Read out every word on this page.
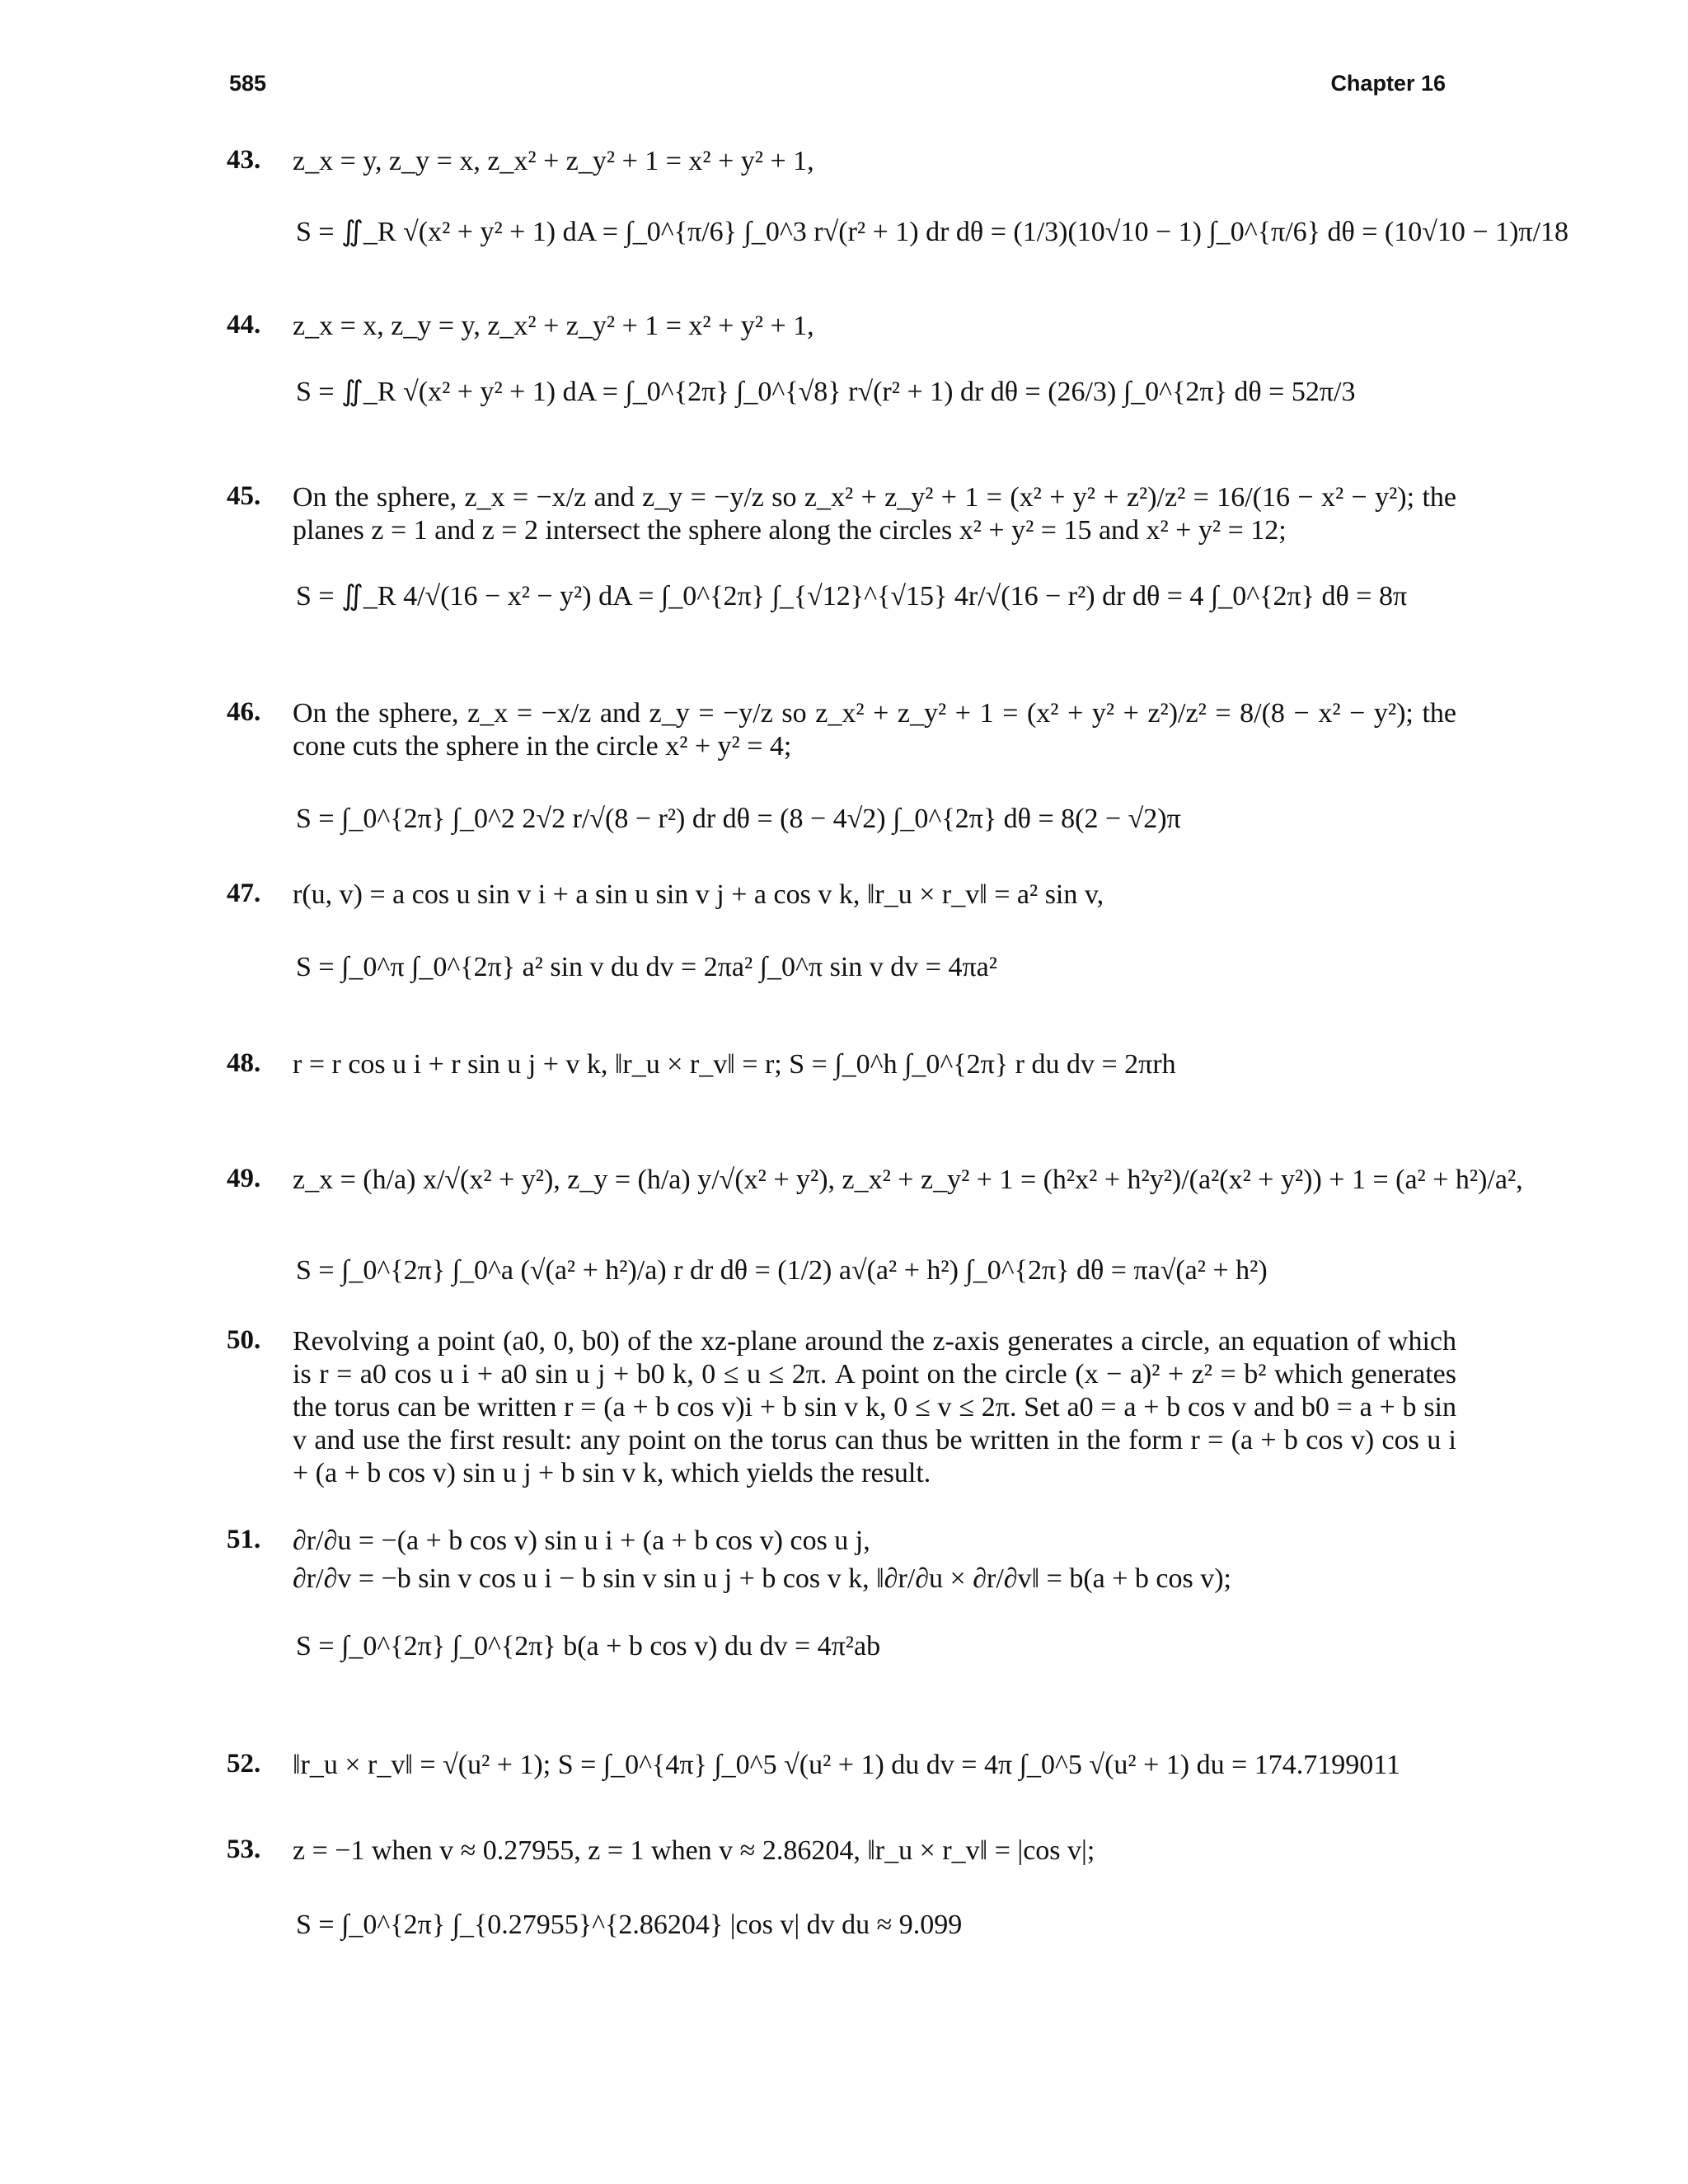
585	Chapter 16
43. z_x = y, z_y = x, z_x² + z_y² + 1 = x² + y² + 1,
S = ∬_R √(x² + y² + 1) dA = ∫_0^{π/6} ∫_0^3 r√(r² + 1) dr dθ = (1/3)(10√10 − 1) ∫_0^{π/6} dθ = (10√10 − 1)π/18
44. z_x = x, z_y = y, z_x² + z_y² + 1 = x² + y² + 1,
S = ∬_R √(x² + y² + 1) dA = ∫_0^{2π} ∫_0^{√8} r√(r² + 1) dr dθ = (26/3) ∫_0^{2π} dθ = 52π/3
45. On the sphere, z_x = −x/z and z_y = −y/z so z_x² + z_y² + 1 = (x² + y² + z²)/z² = 16/(16 − x² − y²); the planes z = 1 and z = 2 intersect the sphere along the circles x² + y² = 15 and x² + y² = 12;
S = ∬_R 4/√(16 − x² − y²) dA = ∫_0^{2π} ∫_{√12}^{√15} 4r/√(16 − r²) dr dθ = 4 ∫_0^{2π} dθ = 8π
46. On the sphere, z_x = −x/z and z_y = −y/z so z_x² + z_y² + 1 = (x² + y² + z²)/z² = 8/(8 − x² − y²); the cone cuts the sphere in the circle x² + y² = 4;
S = ∫_0^{2π} ∫_0^2 2√2 r/√(8 − r²) dr dθ = (8 − 4√2) ∫_0^{2π} dθ = 8(2 − √2)π
47. r(u, v) = a cos u sin v i + a sin u sin v j + a cos v k, ‖r_u × r_v‖ = a² sin v,
S = ∫_0^π ∫_0^{2π} a² sin v du dv = 2πa² ∫_0^π sin v dv = 4πa²
48. r = r cos u i + r sin u j + v k, ‖r_u × r_v‖ = r; S = ∫_0^h ∫_0^{2π} r du dv = 2πrh
49. z_x = (h/a) x/√(x² + y²), z_y = (h/a) y/√(x² + y²), z_x² + z_y² + 1 = (h²x² + h²y²)/(a²(x² + y²)) + 1 = (a² + h²)/a²,
S = ∫_0^{2π} ∫_0^a (√(a² + h²)/a) r dr dθ = (1/2) a√(a² + h²) ∫_0^{2π} dθ = πa√(a² + h²)
50. Revolving a point (a0, 0, b0) of the xz-plane around the z-axis generates a circle, an equation of which is r = a0 cos u i + a0 sin u j + b0 k, 0 ≤ u ≤ 2π. A point on the circle (x − a)² + z² = b² which generates the torus can be written r = (a + b cos v)i + b sin v k, 0 ≤ v ≤ 2π. Set a0 = a + b cos v and b0 = a + b sin v and use the first result: any point on the torus can thus be written in the form r = (a + b cos v) cos u i + (a + b cos v) sin u j + b sin v k, which yields the result.
51. ∂r/∂u = −(a + b cos v) sin u i + (a + b cos v) cos u j,
∂r/∂v = −b sin v cos u i − b sin v sin u j + b cos v k, ‖∂r/∂u × ∂r/∂v‖ = b(a + b cos v);
S = ∫_0^{2π} ∫_0^{2π} b(a + b cos v) du dv = 4π²ab
52. ‖r_u × r_v‖ = √(u² + 1); S = ∫_0^{4π} ∫_0^5 √(u² + 1) du dv = 4π ∫_0^5 √(u² + 1) du = 174.7199011
53. z = −1 when v ≈ 0.27955, z = 1 when v ≈ 2.86204, ‖r_u × r_v‖ = |cos v|;
S = ∫_0^{2π} ∫_{0.27955}^{2.86204} |cos v| dv du ≈ 9.099
